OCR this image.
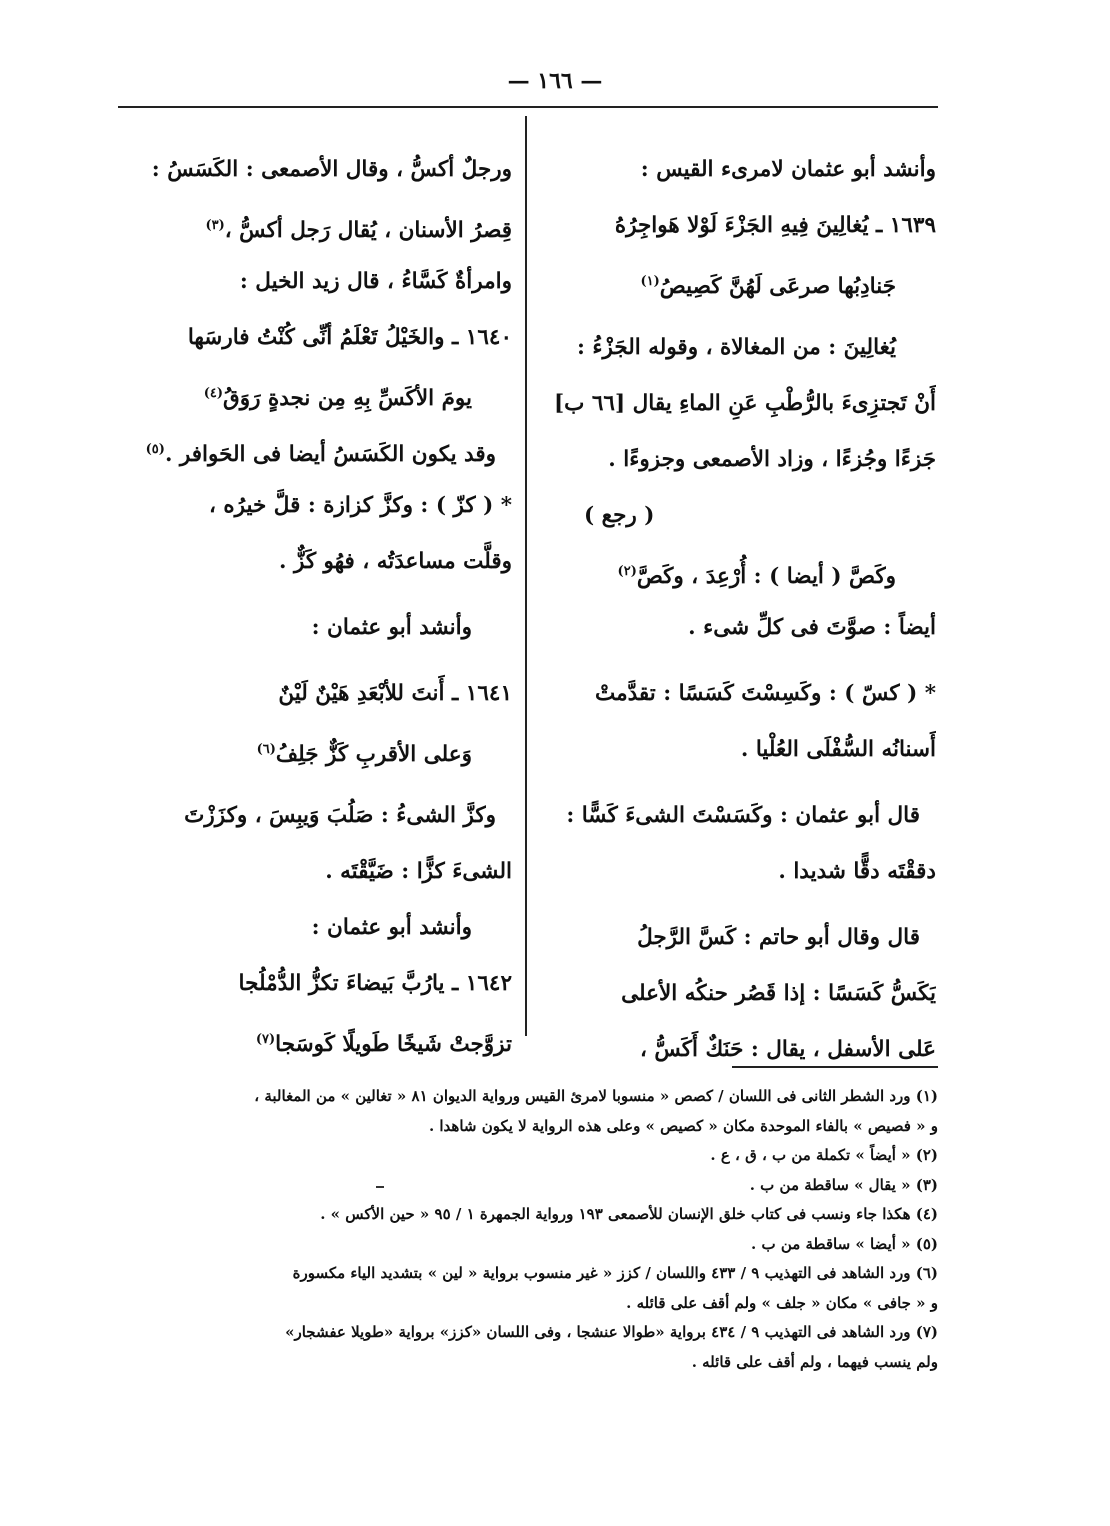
— ١٦٦ —
وأنشد أبو عثمان لامرىء القيس :
١٦٣٩ ـ يُغالِينَ فِيهِ الجَزْءَ لَوْلا هَواجِرُهُ
جَنادِبُها صرعَى لَهُنَّ كَصِيصُ$^{(١)}$
يُغالِينَ : من المغالاة ، وقوله الجَزْءُ :
أَنْ تَجتزِىءَ بالرُّطْبِ عَنِ الماءِ يقال [٦٦ ب]
جَزءًا وجُزءًا ، وزاد الأصمعى وجزوءًا .
( رجع )
وكَصَّ ( أيضا ) : أُرْعِدَ ، وكَصَّ$^{(٢)}$
أيضاً : صوَّتَ فى كلِّ شىء .
* ( كسّ ) : وكَسِسْتَ كَسَسًا : تقدَّمتْ
أَسنانُه السُّفْلَى العُلْيا .
قال أبو عثمان : وكَسَسْتَ الشىءَ كَسًّا :
دققْتَه دقًّا شديدا .
قال وقال أبو حاتم : كَسَّ الرَّجلُ
يَكَسُّ كَسَسًا : إذا قَصُر حنكُه الأعلى
عَلى الأسفل ، يقال : حَنَكٌ أَكَسُّ ،
ورجلٌ أكسُّ ، وقال الأصمعى : الكَسَسُ :
قِصرُ الأسنان ، يُقال رَجل أكسُّ ،$^{(٣)}$
وامرأةٌ كَسَّاءُ ، قال زيد الخيل :
١٦٤٠ ـ والخَيْلُ تَعْلَمُ أنِّى كُنْتُ فارسَها
يومَ الأكَسِّ بِهِ مِن نجدةٍ رَوَقُ$^{(٤)}$
وقد يكون الكَسَسُ أيضا فى الحَوافر .$^{(٥)}$
* ( كزّ ) : وكزَّ كزازة : قلَّ خيرُه ،
وقلَّت مساعدَتُه ، فهُو كَزٌّ .
وأنشد أبو عثمان :
١٦٤١ ـ أَنتَ للأبْعَدِ هَيْنٌ لَيْنٌ
وَعلى الأقربِ كَزٌّ جَلِفُ$^{(٦)}$
وكزَّ الشىءُ : صَلُبَ وَيبِسَ ، وكزَزْتَ
الشىءَ كزًّا : ضَيَّقْتَه .
وأنشد أبو عثمان :
١٦٤٢ ـ يارُبَّ بَيضاءَ تكزُّ الدُّمْلُجا
تزوَّجتْ شَيخًا طَويلًا كَوسَجا$^{(٧)}$
(١) ورد الشطر الثانى فى اللسان / كصص « منسوبا لامرئ القيس ورواية الديوان ٨١ « تغالين » من المغالبة ،
و « فصيص » بالفاء الموحدة مكان « كصيص » وعلى هذه الرواية لا يكون شاهدا .
(٢) « أيضاً » تكملة من ب ، ق ، ع .
(٣) « يقال » ساقطة من ب .
(٤) هكذا جاء ونسب فى كتاب خلق الإنسان للأصمعى ١٩٣ ورواية الجمهرة ١ / ٩٥ « حين الأكس » .
(٥) « أيضا » ساقطة من ب .
(٦) ورد الشاهد فى التهذيب ٩ / ٤٣٣ واللسان / كزز « غير منسوب برواية « لين » بتشديد الياء مكسورة
و « جافى » مكان « جلف » ولم أقف على قائله .
(٧) ورد الشاهد فى التهذيب ٩ / ٤٣٤ برواية «طوالا عنشجا ، وفى اللسان «كزز» برواية «طويلا عفشجار»
ولم ينسب فيهما ، ولم أقف على قائله .
